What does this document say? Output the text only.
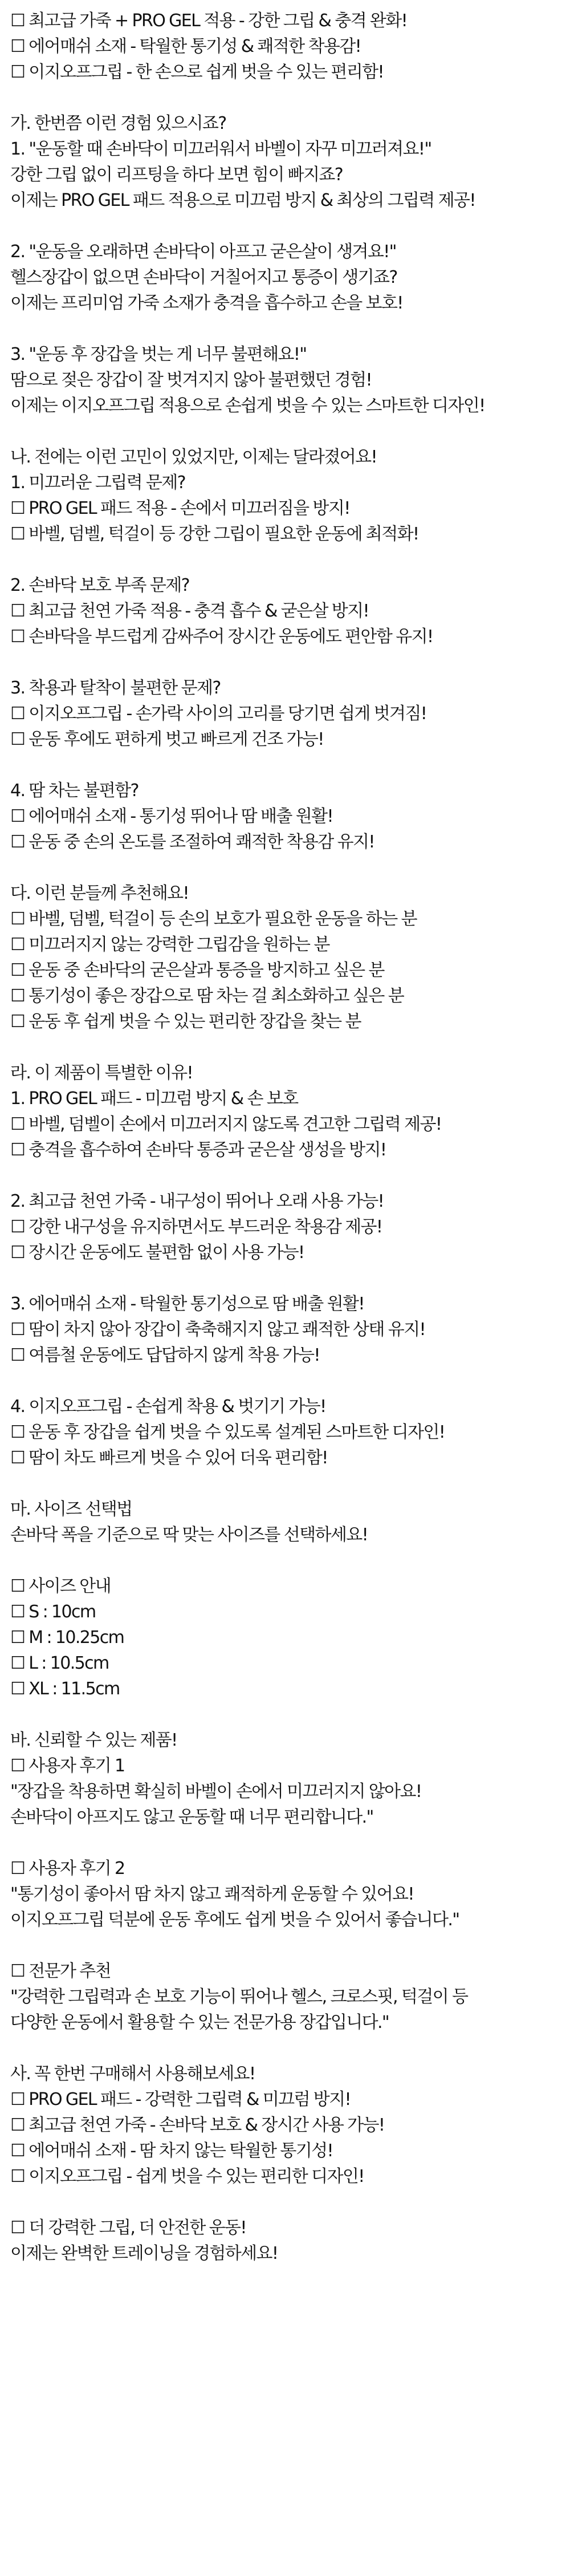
☐ 최고급 가죽 + PRO GEL 적용 - 강한 그립 & 충격 완화!
☐ 에어매쉬 소재 - 탁월한 통기성 & 쾌적한 착용감!
☐ 이지오프그립 - 한 손으로 쉽게 벗을 수 있는 편리함!
가. 한번쯤 이런 경험 있으시죠?
1. "운동할 때 손바닥이 미끄러워서 바벨이 자꾸 미끄러져요!"
강한 그립 없이 리프팅을 하다 보면 힘이 빠지죠?
이제는 PRO GEL 패드 적용으로 미끄럼 방지 & 최상의 그립력 제공!
2. "운동을 오래하면 손바닥이 아프고 굳은살이 생겨요!"
헬스장갑이 없으면 손바닥이 거칠어지고 통증이 생기죠?
이제는 프리미엄 가죽 소재가 충격을 흡수하고 손을 보호!
3. "운동 후 장갑을 벗는 게 너무 불편해요!"
땀으로 젖은 장갑이 잘 벗겨지지 않아 불편했던 경험!
이제는 이지오프그립 적용으로 손쉽게 벗을 수 있는 스마트한 디자인!
나. 전에는 이런 고민이 있었지만, 이제는 달라졌어요!
1. 미끄러운 그립력 문제?
☐ PRO GEL 패드 적용 - 손에서 미끄러짐을 방지!
☐ 바벨, 덤벨, 턱걸이 등 강한 그립이 필요한 운동에 최적화!
2. 손바닥 보호 부족 문제?
☐ 최고급 천연 가죽 적용 - 충격 흡수 & 굳은살 방지!
☐ 손바닥을 부드럽게 감싸주어 장시간 운동에도 편안함 유지!
3. 착용과 탈착이 불편한 문제?
☐ 이지오프그립 - 손가락 사이의 고리를 당기면 쉽게 벗겨짐!
☐ 운동 후에도 편하게 벗고 빠르게 건조 가능!
4. 땀 차는 불편함?
☐ 에어매쉬 소재 - 통기성 뛰어나 땀 배출 원활!
☐ 운동 중 손의 온도를 조절하여 쾌적한 착용감 유지!
다. 이런 분들께 추천해요!
☐ 바벨, 덤벨, 턱걸이 등 손의 보호가 필요한 운동을 하는 분
☐ 미끄러지지 않는 강력한 그립감을 원하는 분
☐ 운동 중 손바닥의 굳은살과 통증을 방지하고 싶은 분
☐ 통기성이 좋은 장갑으로 땀 차는 걸 최소화하고 싶은 분
☐ 운동 후 쉽게 벗을 수 있는 편리한 장갑을 찾는 분
라. 이 제품이 특별한 이유!
1. PRO GEL 패드 - 미끄럼 방지 & 손 보호
☐ 바벨, 덤벨이 손에서 미끄러지지 않도록 견고한 그립력 제공!
☐ 충격을 흡수하여 손바닥 통증과 굳은살 생성을 방지!
2. 최고급 천연 가죽 - 내구성이 뛰어나 오래 사용 가능!
☐ 강한 내구성을 유지하면서도 부드러운 착용감 제공!
☐ 장시간 운동에도 불편함 없이 사용 가능!
3. 에어매쉬 소재 - 탁월한 통기성으로 땀 배출 원활!
☐ 땀이 차지 않아 장갑이 축축해지지 않고 쾌적한 상태 유지!
☐ 여름철 운동에도 답답하지 않게 착용 가능!
4. 이지오프그립 - 손쉽게 착용 & 벗기기 가능!
☐ 운동 후 장갑을 쉽게 벗을 수 있도록 설계된 스마트한 디자인!
☐ 땀이 차도 빠르게 벗을 수 있어 더욱 편리함!
마. 사이즈 선택법
손바닥 폭을 기준으로 딱 맞는 사이즈를 선택하세요!
☐ 사이즈 안내
☐ S : 10cm
☐ M : 10.25cm
☐ L : 10.5cm
☐ XL : 11.5cm
바. 신뢰할 수 있는 제품!
☐ 사용자 후기 1
"장갑을 착용하면 확실히 바벨이 손에서 미끄러지지 않아요!
손바닥이 아프지도 않고 운동할 때 너무 편리합니다."
☐ 사용자 후기 2
"통기성이 좋아서 땀 차지 않고 쾌적하게 운동할 수 있어요!
이지오프그립 덕분에 운동 후에도 쉽게 벗을 수 있어서 좋습니다."
☐ 전문가 추천
"강력한 그립력과 손 보호 기능이 뛰어나 헬스, 크로스핏, 턱걸이 등
다양한 운동에서 활용할 수 있는 전문가용 장갑입니다."
사. 꼭 한번 구매해서 사용해보세요!
☐ PRO GEL 패드 - 강력한 그립력 & 미끄럼 방지!
☐ 최고급 천연 가죽 - 손바닥 보호 & 장시간 사용 가능!
☐ 에어매쉬 소재 - 땀 차지 않는 탁월한 통기성!
☐ 이지오프그립 - 쉽게 벗을 수 있는 편리한 디자인!
☐ 더 강력한 그립, 더 안전한 운동!
이제는 완벽한 트레이닝을 경험하세요!
